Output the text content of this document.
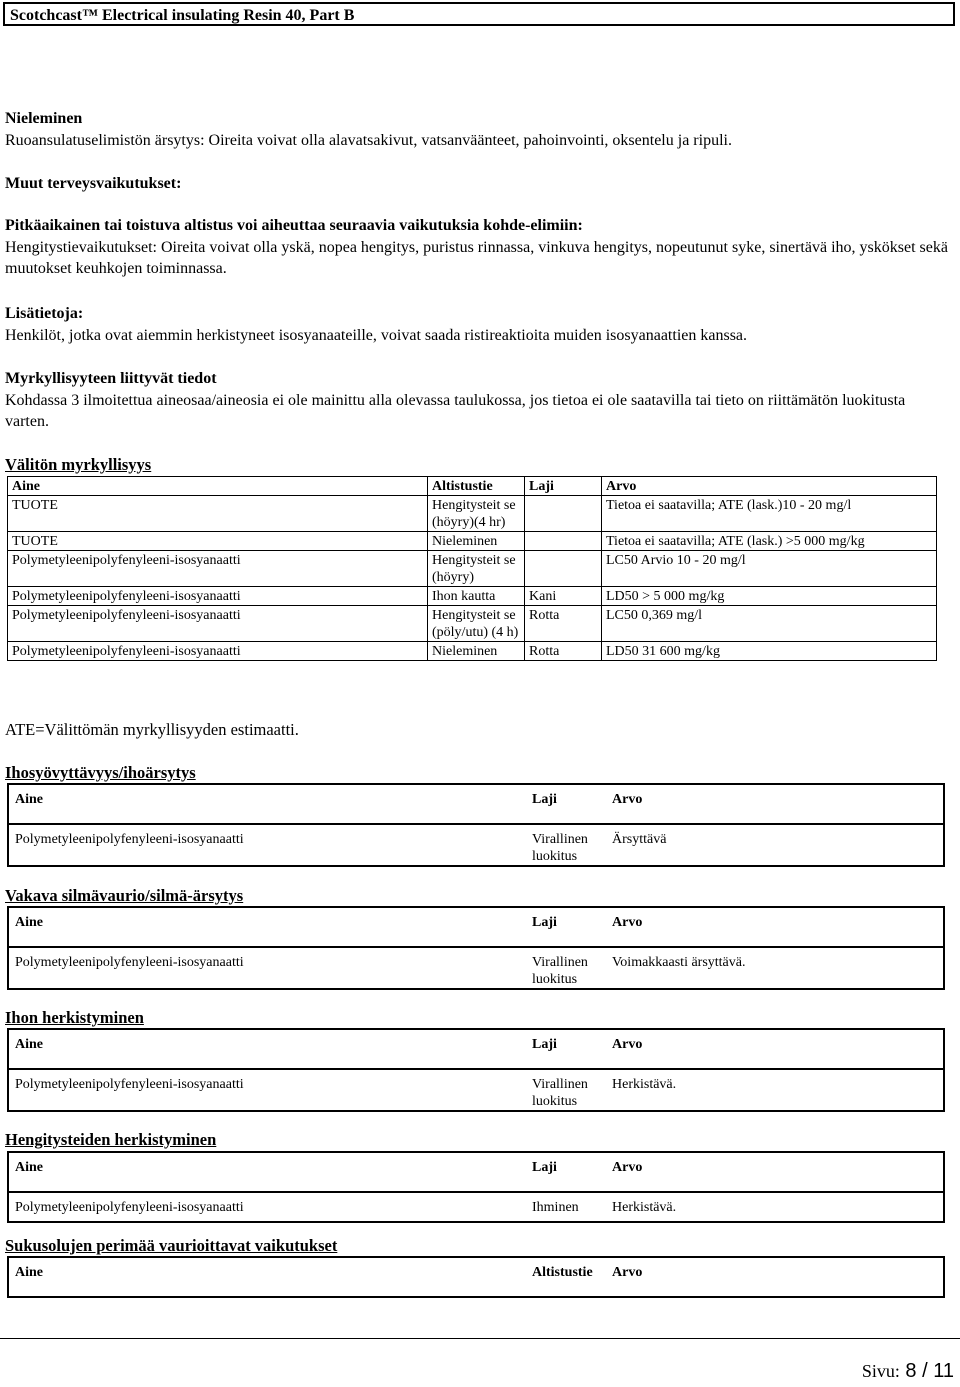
Scotchcast™ Electrical insulating Resin 40, Part B
Nieleminen
Ruoansulatuselimistön ärsytys: Oireita voivat olla alavatsakivut, vatsanväänteet, pahoinvointi, oksentelu ja ripuli.
Muut terveysvaikutukset:
Pitkäaikainen tai toistuva altistus voi aiheuttaa seuraavia vaikutuksia kohde-elimiin:
Hengitystievaikutukset: Oireita voivat olla yskä, nopea hengitys, puristus rinnassa, vinkuva hengitys, nopeutunut syke, sinertävä iho, yskökset sekä muutokset keuhkojen toiminnassa.
Lisätietoja:
Henkilöt, jotka ovat aiemmin herkistyneet isosyanaateille, voivat saada ristireaktioita muiden isosyanaattien kanssa.
Myrkyllisyyteen liittyvät tiedot
Kohdassa 3 ilmoitettua aineosaa/aineosia ei ole mainittu alla olevassa taulukossa, jos tietoa ei ole saatavilla tai tieto on riittämätön luokitusta varten.
Välitön myrkyllisyys
Aine	Altistustie	Laji	Arvo
TUOTE	Hengitysteit se (höyry)(4 hr)		Tietoa ei saatavilla; ATE (lask.)10 - 20 mg/l
TUOTE	Nieleminen		Tietoa ei saatavilla; ATE (lask.) >5 000 mg/kg
Polymetyleenipolyfenyleeni-isosyanaatti	Hengitysteit se (höyry)		LC50 Arvio 10 - 20 mg/l
Polymetyleenipolyfenyleeni-isosyanaatti	Ihon kautta	Kani	LD50 > 5 000 mg/kg
Polymetyleenipolyfenyleeni-isosyanaatti	Hengitysteit se (pöly/utu) (4 h)	Rotta	LC50 0,369 mg/l
Polymetyleenipolyfenyleeni-isosyanaatti	Nieleminen	Rotta	LD50 31 600 mg/kg
ATE=Välittömän myrkyllisyyden estimaatti.
Ihosyövyttävyys/ihoärsytys
Aine	Laji	Arvo
Polymetyleenipolyfenyleeni-isosyanaatti	Virallinen luokitus	Ärsyttävä
Vakava silmävaurio/silmä-ärsytys
Aine	Laji	Arvo
Polymetyleenipolyfenyleeni-isosyanaatti	Virallinen luokitus	Voimakkaasti ärsyttävä.
Ihon herkistyminen
Aine	Laji	Arvo
Polymetyleenipolyfenyleeni-isosyanaatti	Virallinen luokitus	Herkistävä.
Hengitysteiden herkistyminen
Aine	Laji	Arvo
Polymetyleenipolyfenyleeni-isosyanaatti	Ihminen	Herkistävä.
Sukusolujen perimää vaurioittavat vaikutukset
Aine	Altistustie	Arvo
Sivu: 8 / 11
